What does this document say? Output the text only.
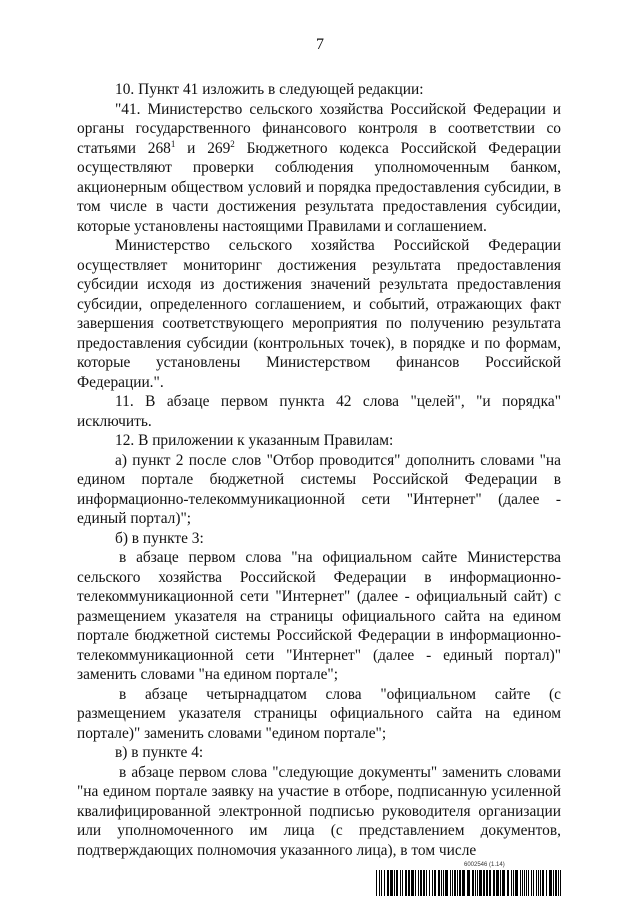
7

10. Пункт 41 изложить в следующей редакции:

"41. Министерство сельского хозяйства Российской Федерации и органы государственного финансового контроля в соответствии со статьями $268^1$ и $269^2$ Бюджетного кодекса Российской Федерации осуществляют проверки соблюдения уполномоченным банком, акционерным обществом условий и порядка предоставления субсидии, в том числе в части достижения результата предоставления субсидии, которые установлены настоящими Правилами и соглашением.

Министерство сельского хозяйства Российской Федерации осуществляет мониторинг достижения результата предоставления субсидии исходя из достижения значений результата предоставления субсидии, определенного соглашением, и событий, отражающих факт завершения соответствующего мероприятия по получению результата предоставления субсидии (контрольных точек), в порядке и по формам, которые установлены Министерством финансов Российской Федерации.".

11. В абзаце первом пункта 42 слова "целей", "и порядка" исключить.

12. В приложении к указанным Правилам:

а) пункт 2 после слов "Отбор проводится" дополнить словами "на едином портале бюджетной системы Российской Федерации в информационно-телекоммуникационной сети "Интернет" (далее - единый портал)";

б) в пункте 3:

в абзаце первом слова "на официальном сайте Министерства сельского хозяйства Российской Федерации в информационно-телекоммуникационной сети "Интернет" (далее - официальный сайт) с размещением указателя на страницы официального сайта на едином портале бюджетной системы Российской Федерации в информационно-телекоммуникационной сети "Интернет" (далее - единый портал)" заменить словами "на едином портале";

в абзаце четырнадцатом слова "официальном сайте (с размещением указателя страницы официального сайта на едином портале)" заменить словами "едином портале";

в) в пункте 4:

в абзаце первом слова "следующие документы" заменить словами "на едином портале заявку на участие в отборе, подписанную усиленной квалифицированной электронной подписью руководителя организации или уполномоченного им лица (с представлением документов, подтверждающих полномочия указанного лица), в том числе

6002546 (1.14)
